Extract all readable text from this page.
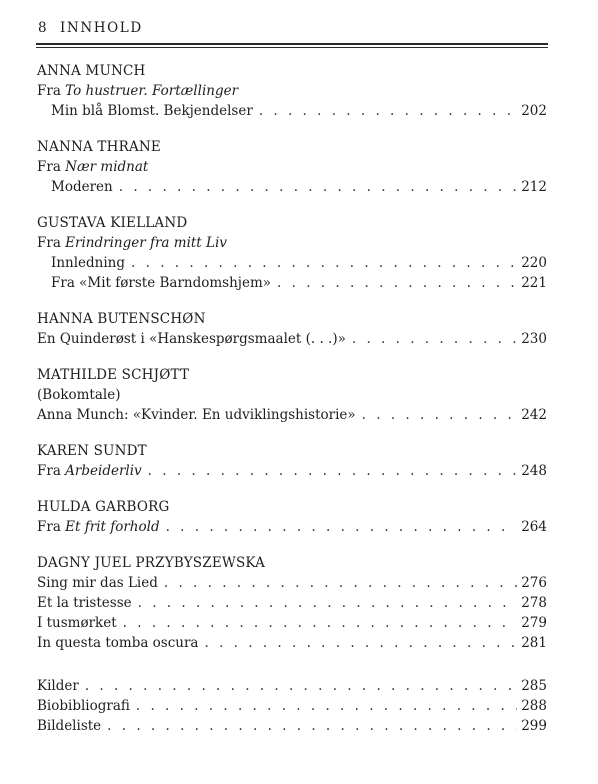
8 INNHOLD
ANNA MUNCH
Fra To hustruer. Fortællinger
Min blå Blomst. Bekjendelser . . .	202
NANNA THRANE
Fra Nær midnat
Moderen . . .	212
GUSTAVA KIELLAND
Fra Erindringer fra mitt Liv
Innledning . . .	220
Fra «Mit første Barndomshjem» . . .	221
HANNA BUTENSCHØN
En Quinderøst i «Hanskespørgsmaalet (. . .)» . . .	230
MATHILDE SCHJØTT
(Bokomtale)
Anna Munch: «Kvinder. En udviklingshistorie» . . .	242
KAREN SUNDT
Fra Arbeiderliv . . .	248
HULDA GARBORG
Fra Et frit forhold . . .	264
DAGNY JUEL PRZYBYSZEWSKA
Sing mir das Lied . . .	276
Et la tristesse . . .	278
I tusmørket . . .	279
In questa tomba oscura . . .	281
Kilder . . .	285
Biobibliografi . . .	288
Bildeliste . . .	299
